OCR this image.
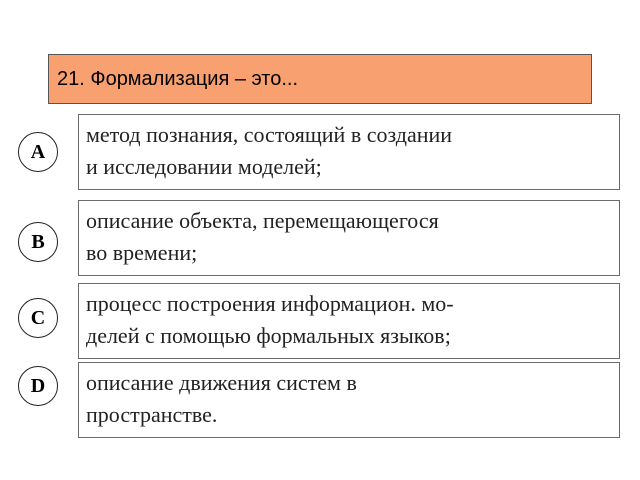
21. Формализация – это...
A
метод познания, состоящий в создании
и исследовании моделей;
B
описание объекта, перемещающегося
во времени;
C
процесс построения информацион. мо-
делей с помощью формальных языков;
D описание движения систем в
пространстве.
